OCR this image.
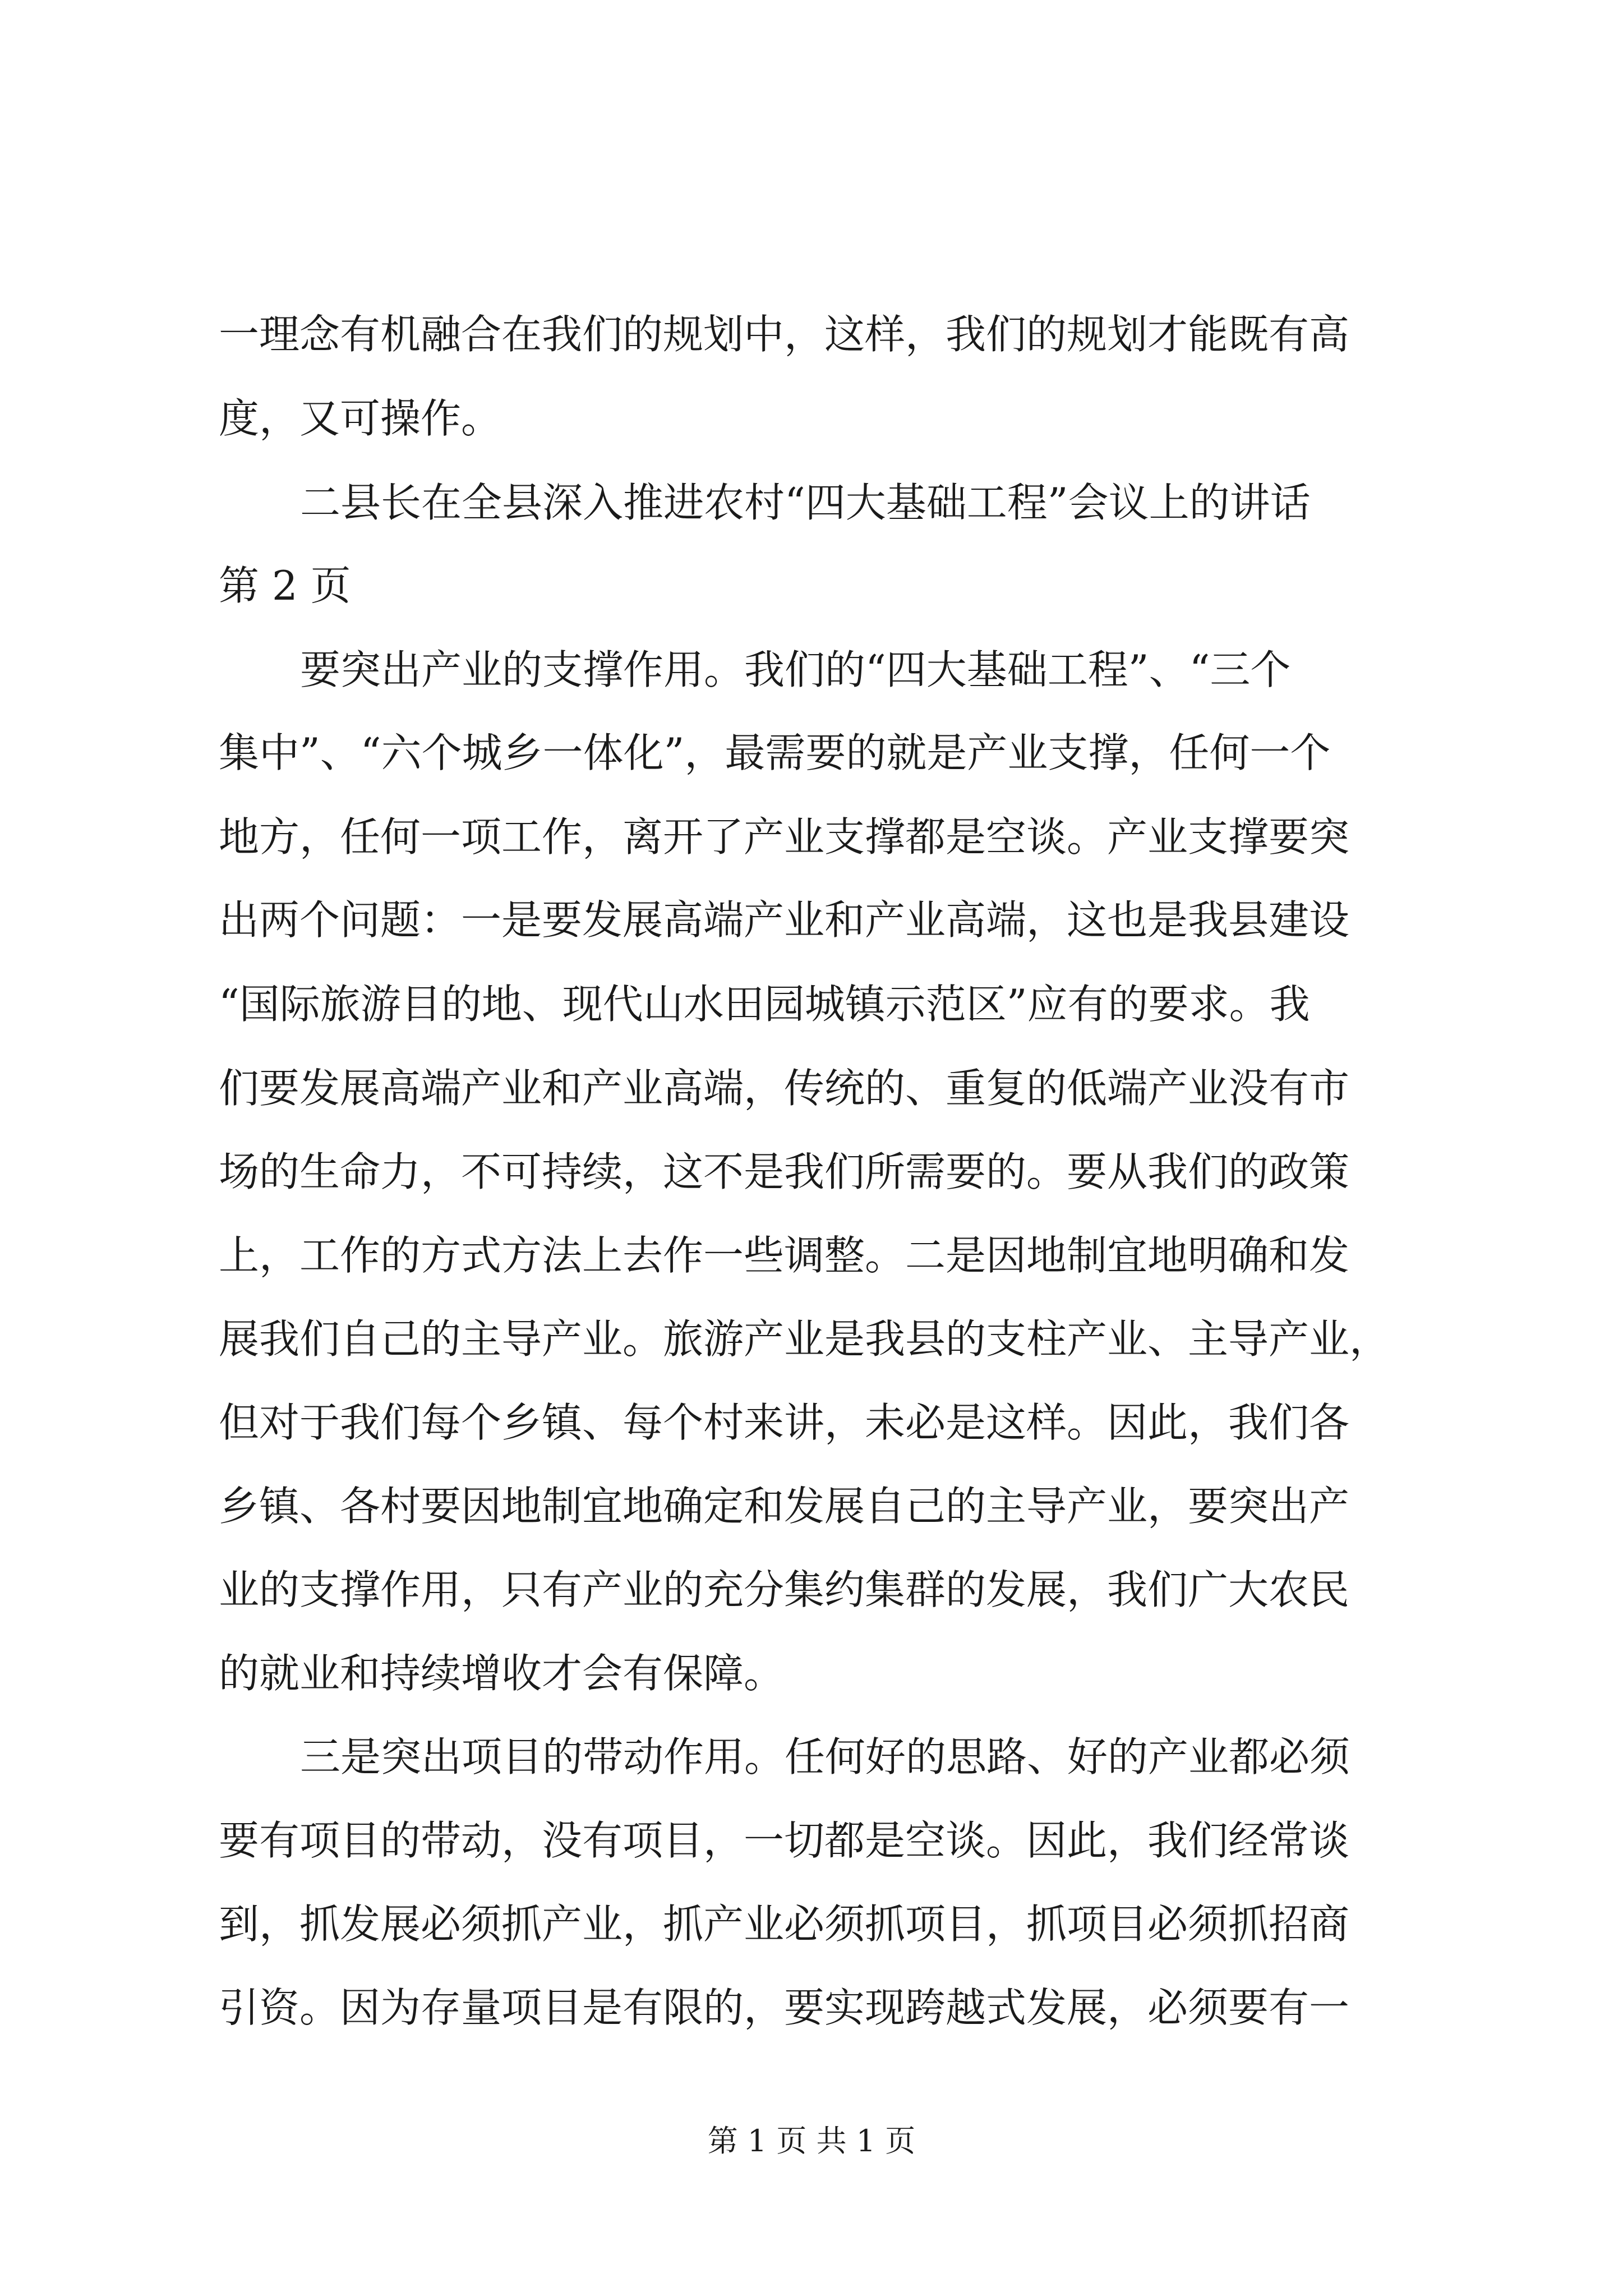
一理念有机融合在我们的规划中，这样，我们的规划才能既有高
度，又可操作。
二县长在全县深入推进农村“四大基础工程”会议上的讲话
第 2 页
要突出产业的支撑作用。我们的“四大基础工程”、“三个
集中”、“六个城乡一体化”，最需要的就是产业支撑，任何一个
地方，任何一项工作，离开了产业支撑都是空谈。产业支撑要突
出两个问题：一是要发展高端产业和产业高端，这也是我县建设
“国际旅游目的地、现代山水田园城镇示范区”应有的要求。我
们要发展高端产业和产业高端，传统的、重复的低端产业没有市
场的生命力，不可持续，这不是我们所需要的。要从我们的政策
上，工作的方式方法上去作一些调整。二是因地制宜地明确和发
展我们自己的主导产业。旅游产业是我县的支柱产业、主导产业，
但对于我们每个乡镇、每个村来讲，未必是这样。因此，我们各
乡镇、各村要因地制宜地确定和发展自己的主导产业，要突出产
业的支撑作用，只有产业的充分集约集群的发展，我们广大农民
的就业和持续增收才会有保障。
三是突出项目的带动作用。任何好的思路、好的产业都必须
要有项目的带动，没有项目，一切都是空谈。因此，我们经常谈
到，抓发展必须抓产业，抓产业必须抓项目，抓项目必须抓招商
引资。因为存量项目是有限的，要实现跨越式发展，必须要有一
第 1 页 共 1 页
